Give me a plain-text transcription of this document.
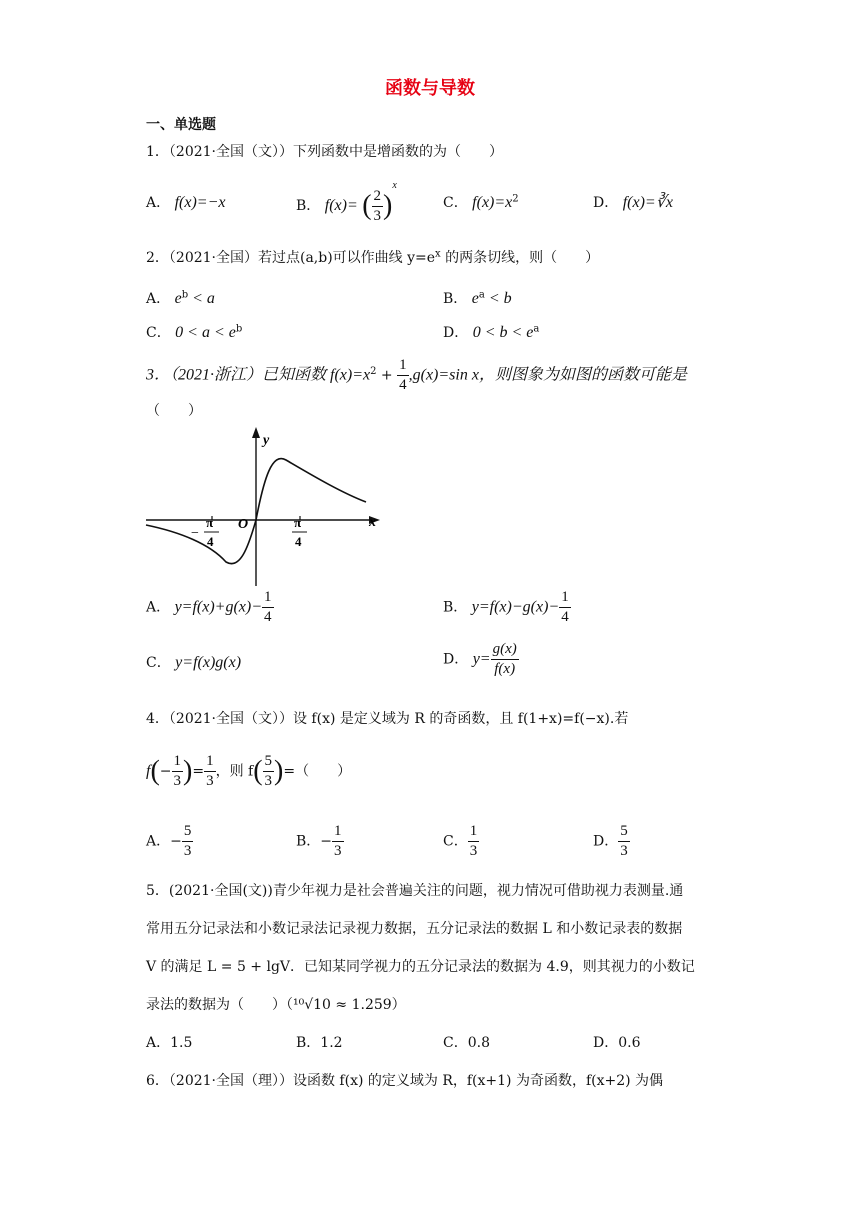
函数与导数
一、单选题
1．（2021·全国（文））下列函数中是增函数的为（　　）
A． f(x)=−x	B． f(x)= ( $\frac{2}{3} )^x$
C． $f(x)=x^2$	D． f(x)=∛x
2．（2021·全国）若过点(a,b)可以作曲线 $y=e^x$ 的两条切线，则（　　）
A． $e^b < a$	B． $e^a < b$
C． $0 < a < e^b$	D． $0 < b < e^a$
3．（2021·浙江）已知函数 $f(x)=x^2 + \frac{1}{4} ,g(x)=\sin$ x，则图象为如图的函数可能是
（　　）
y
x
O
−
π
4
π
4
A． $y=f(x)+g(x)- \frac{1}{4}$	B． $y=f(x)-g(x)- \frac{1}{4}$
C． y=f(x)g(x)	D． $y= \frac{g(x)}{f(x)}$
4．（2021·全国（文））设 f(x) 是定义域为 R 的奇函数，且 f(1+x)=f(−x).若
$f(- \frac{1}{3}$ )= $\frac{1}{3}$ ，则 $f( \frac{5}{3}$ )=（　　）
A．− $\frac{5}{3}$	B．− $\frac{1}{3}$	C． $\frac{1}{3}$	D． $\frac{5}{3}$
5．(2021·全国(文))青少年视力是社会普遍关注的问题，视力情况可借助视力表测量.通
常用五分记录法和小数记录法记录视力数据，五分记录法的数据 L 和小数记录表的数据
V 的满足 L = 5 + lgV．已知某同学视力的五分记录法的数据为 4.9，则其视力的小数记
录法的数据为（　　）（¹⁰√10 ≈ 1.259）
A．1.5	B．1.2	C．0.8	D．0.6
6．（2021·全国（理））设函数 f(x) 的定义域为 R，f(x+1) 为奇函数，f(x+2) 为偶
